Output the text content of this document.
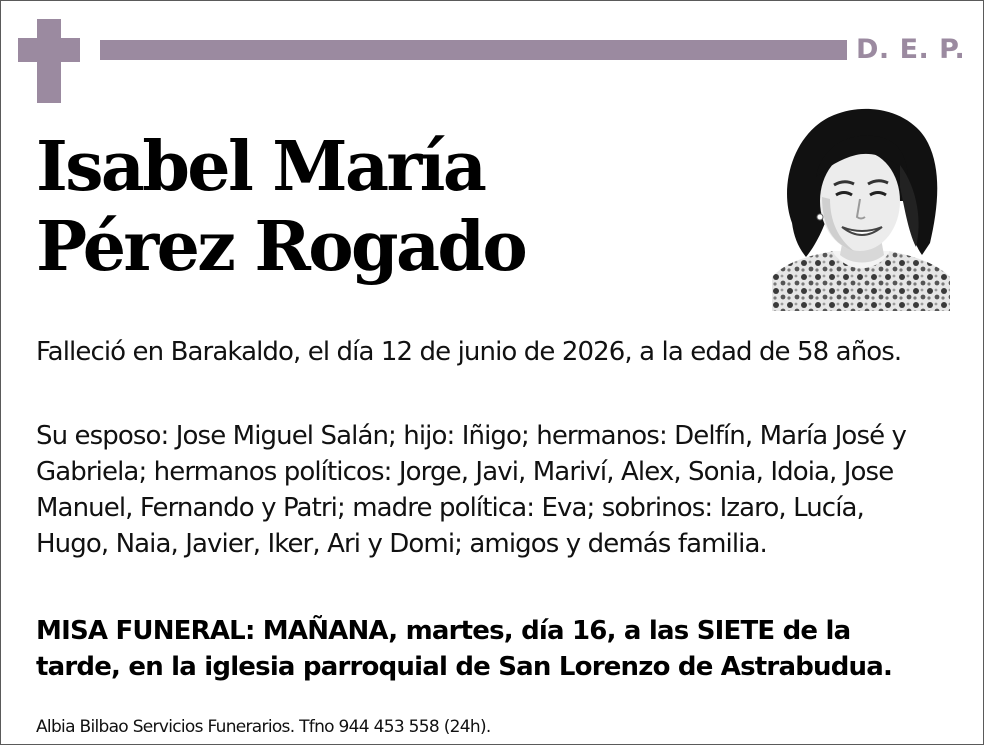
D. E. P.
Isabel María
Pérez Rogado

Falleció en Barakaldo, el día 12 de junio de 2026, a la edad de 58 años.

Su esposo: Jose Miguel Salán; hijo: Iñigo; hermanos: Delfín, María José y Gabriela; hermanos políticos: Jorge, Javi, Mariví, Alex, Sonia, Idoia, Jose Manuel, Fernando y Patri; madre política: Eva; sobrinos: Izaro, Lucía, Hugo, Naia, Javier, Iker, Ari y Domi; amigos y demás familia.

MISA FUNERAL: MAÑANA, martes, día 16, a las SIETE de la tarde, en la iglesia parroquial de San Lorenzo de Astrabudua.

Albia Bilbao Servicios Funerarios. Tfno 944 453 558 (24h).
